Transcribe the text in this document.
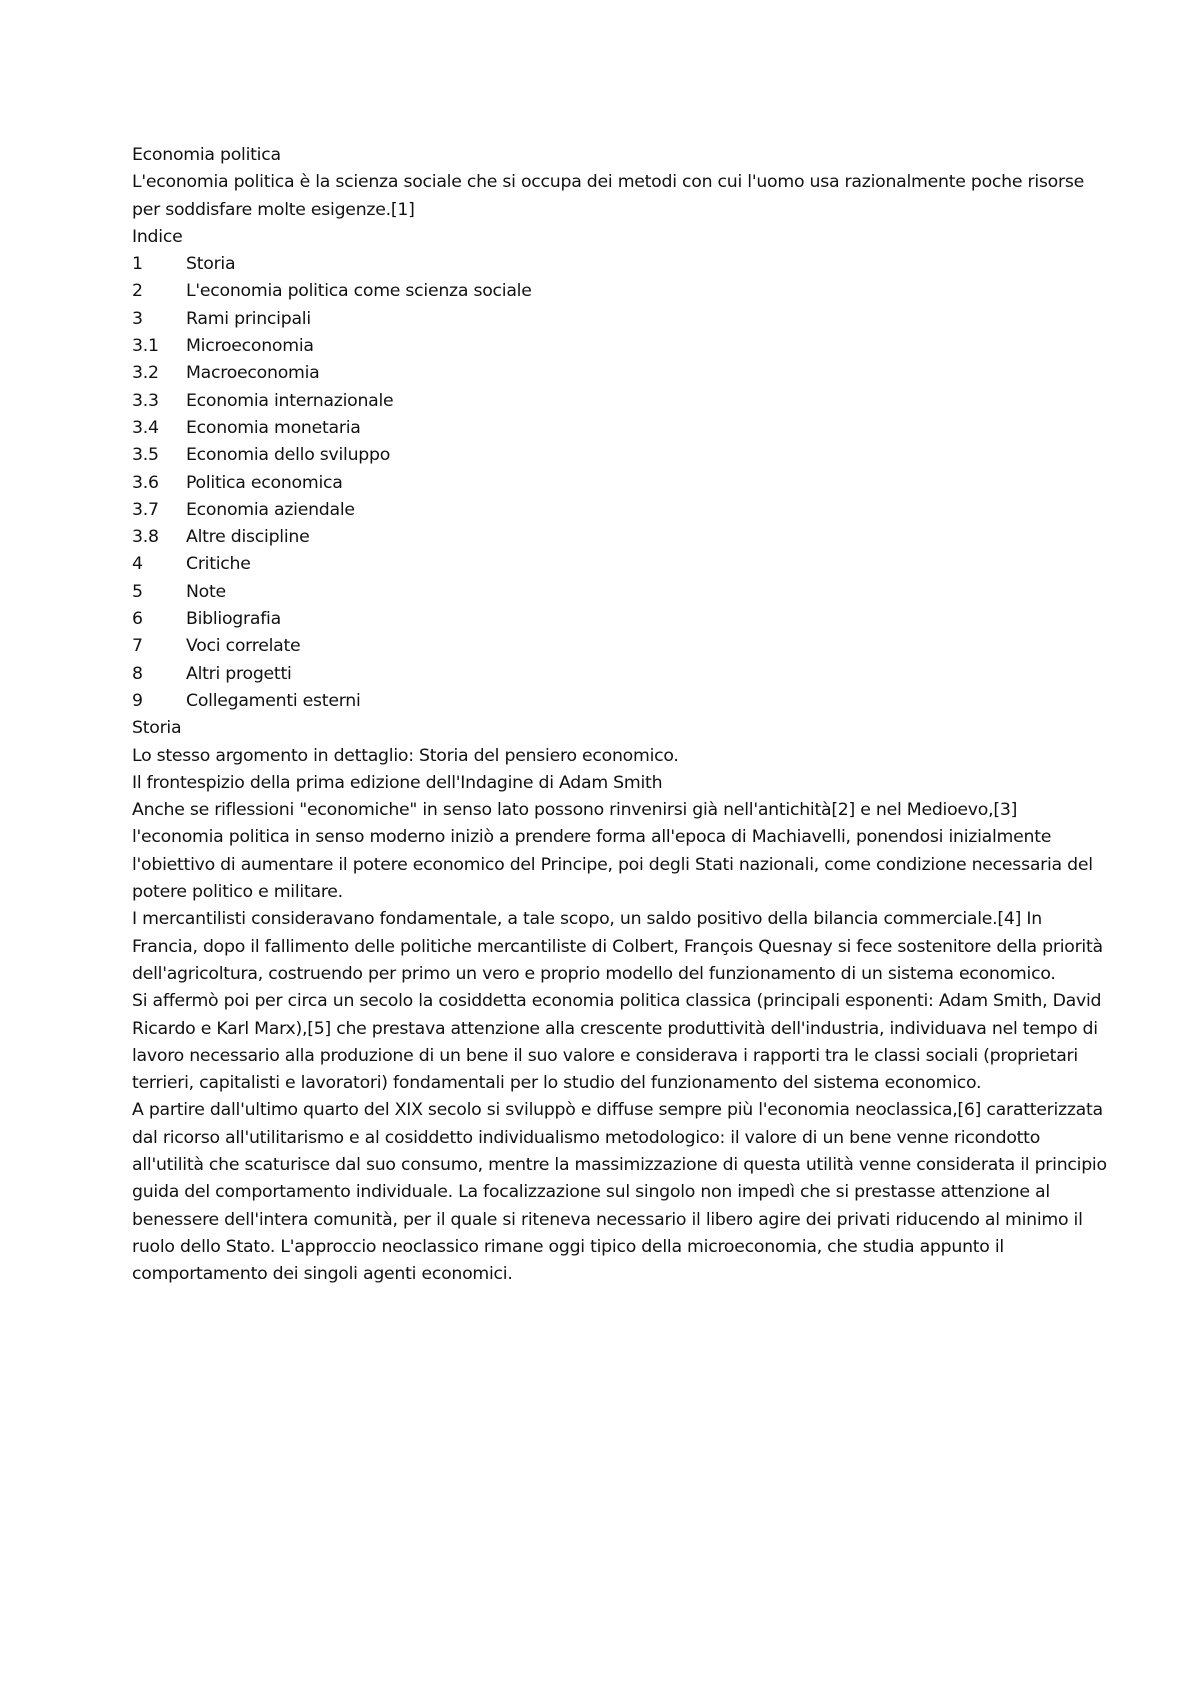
Economia politica

L'economia politica è la scienza sociale che si occupa dei metodi con cui l'uomo usa razionalmente poche risorse per soddisfare molte esigenze.[1]

Indice

1	Storia
2	L'economia politica come scienza sociale
3	Rami principali
3.1	Microeconomia
3.2	Macroeconomia
3.3	Economia internazionale
3.4	Economia monetaria
3.5	Economia dello sviluppo
3.6	Politica economica
3.7	Economia aziendale
3.8	Altre discipline
4	Critiche
5	Note
6	Bibliografia
7	Voci correlate
8	Altri progetti
9	Collegamenti esterni

Storia

Lo stesso argomento in dettaglio: Storia del pensiero economico.

Il frontespizio della prima edizione dell'Indagine di Adam Smith

Anche se riflessioni "economiche" in senso lato possono rinvenirsi già nell'antichità[2] e nel Medioevo,[3] l'economia politica in senso moderno iniziò a prendere forma all'epoca di Machiavelli, ponendosi inizialmente l'obiettivo di aumentare il potere economico del Principe, poi degli Stati nazionali, come condizione necessaria del potere politico e militare.

I mercantilisti consideravano fondamentale, a tale scopo, un saldo positivo della bilancia commerciale.[4] In Francia, dopo il fallimento delle politiche mercantiliste di Colbert, François Quesnay si fece sostenitore della priorità dell'agricoltura, costruendo per primo un vero e proprio modello del funzionamento di un sistema economico.

Si affermò poi per circa un secolo la cosiddetta economia politica classica (principali esponenti: Adam Smith, David Ricardo e Karl Marx),[5] che prestava attenzione alla crescente produttività dell'industria, individuava nel tempo di lavoro necessario alla produzione di un bene il suo valore e considerava i rapporti tra le classi sociali (proprietari terrieri, capitalisti e lavoratori) fondamentali per lo studio del funzionamento del sistema economico.

A partire dall'ultimo quarto del XIX secolo si sviluppò e diffuse sempre più l'economia neoclassica,[6] caratterizzata dal ricorso all'utilitarismo e al cosiddetto individualismo metodologico: il valore di un bene venne ricondotto all'utilità che scaturisce dal suo consumo, mentre la massimizzazione di questa utilità venne considerata il principio guida del comportamento individuale. La focalizzazione sul singolo non impedì che si prestasse attenzione al benessere dell'intera comunità, per il quale si riteneva necessario il libero agire dei privati riducendo al minimo il ruolo dello Stato. L'approccio neoclassico rimane oggi tipico della microeconomia, che studia appunto il comportamento dei singoli agenti economici.
